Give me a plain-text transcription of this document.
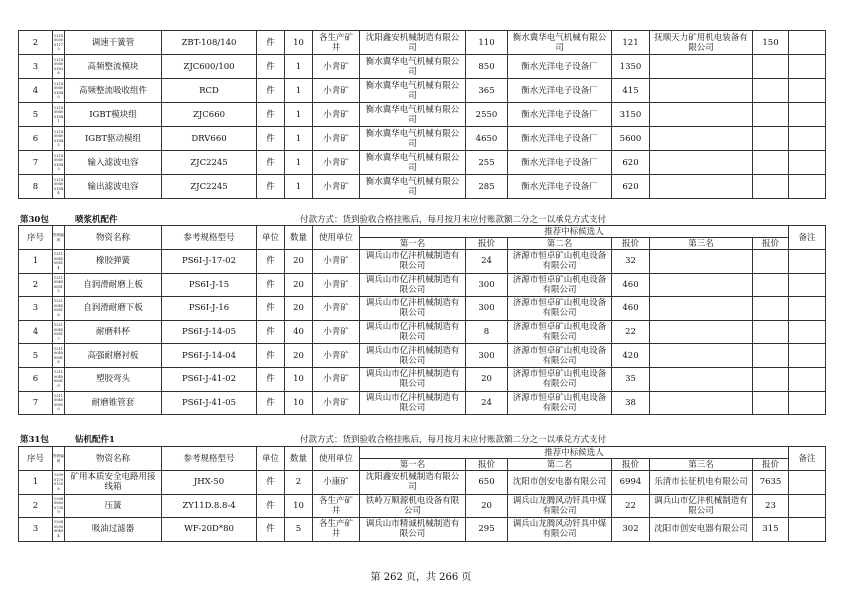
2	12180030 01173	调速干簧管	ZBT-108/140	件	10	各生产矿井	沈阳鑫安机械制造有限公司	110	衡水冀华电气机械有限公司	121	抚顺天力矿用机电装备有限公司	150	
3	12180060 01638	高频整流模块	ZJC600/100	件	1	小青矿	衡水冀华电气机械有限公司	850	衡水光洋电子设备厂	1350			
4	12180060 01640	高频整流吸收组件	RCD	件	1	小青矿	衡水冀华电气机械有限公司	365	衡水光洋电子设备厂	415			
5	12180060 01641	IGBT模块组	ZJC660	件	1	小青矿	衡水冀华电气机械有限公司	2550	衡水光洋电子设备厂	3150			
6	12180060 01642	IGBT驱动模组	DRV660	件	1	小青矿	衡水冀华电气机械有限公司	4650	衡水光洋电子设备厂	5600			
7	12180060 01643	输入滤波电容	ZJC2245	件	1	小青矿	衡水冀华电气机械有限公司	255	衡水光洋电子设备厂	620			
8	12180060 01644	输出滤波电容	ZJC2245	件	1	小青矿	衡水冀华电气机械有限公司	285	衡水光洋电子设备厂	620			
第30包	喷浆机配件	付款方式：货到验收合格挂账后，每月按月末应付账款额二分之一以承兑方式支付
序号	物资编码	物资名称	参考规格型号	单位	数量	使用单位	推荐中标候选人						备注
							第一名	报价	第二名	报价	第三名	报价	
1	12110040 00814	橡胶弹簧	PS6I-J-17-02	件	20	小青矿	调兵山市亿沣机械制造有限公司	24	济源市恒卓矿山机电设备有限公司	32			
2	12110040 00815	自润滑耐磨上板	PS6I-J-15	件	20	小青矿	调兵山市亿沣机械制造有限公司	300	济源市恒卓矿山机电设备有限公司	460			
3	12110040 00816	自润滑耐磨下板	PS6I-J-16	件	20	小青矿	调兵山市亿沣机械制造有限公司	300	济源市恒卓矿山机电设备有限公司	460			
4	12110040 00817	耐磨料杯	PS6I-J-14-05	件	40	小青矿	调兵山市亿沣机械制造有限公司	8	济源市恒卓矿山机电设备有限公司	22			
5	12110040 00818	高强耐磨衬板	PS6I-J-14-04	件	20	小青矿	调兵山市亿沣机械制造有限公司	300	济源市恒卓矿山机电设备有限公司	420			
6	12110040 00819	塑胶弯头	PS6I-J-41-02	件	10	小青矿	调兵山市亿沣机械制造有限公司	20	济源市恒卓矿山机电设备有限公司	35			
7	12110040 00820	耐磨锥管套	PS6I-J-41-05	件	10	小青矿	调兵山市亿沣机械制造有限公司	24	济源市恒卓矿山机电设备有限公司	38			
第31包	钻机配件1	付款方式：货到验收合格挂账后，每月按月末应付账款额二分之一以承兑方式支付
序号	物资编码	物资名称	参考规格型号	单位	数量	使用单位	推荐中标候选人						备注
							第一名	报价	第二名	报价	第三名	报价	
1	12090170 01208	矿用本质安全电路用接线箱	JHX-50	件	2	小康矿	沈阳鑫安机械制造有限公司	650	沈阳市创安电器有限公司	6994	乐清市长征机电有限公司	7635	
2	12080060 07309	压簧	ZY11D.8.8-4	件	10	各生产矿井	铁岭万顺源机电设备有限公司	20	调兵山龙腾风动钎具中煤有限公司	22	调兵山市亿沣机械制造有限公司	23	
3	12080030 00494	吸油过滤器	WF-20D*80	件	5	各生产矿井	调兵山市精诚机械制造有限公司	295	调兵山龙腾风动钎具中煤有限公司	302	沈阳市创安电器有限公司	315	
第 262 页，共 266 页
